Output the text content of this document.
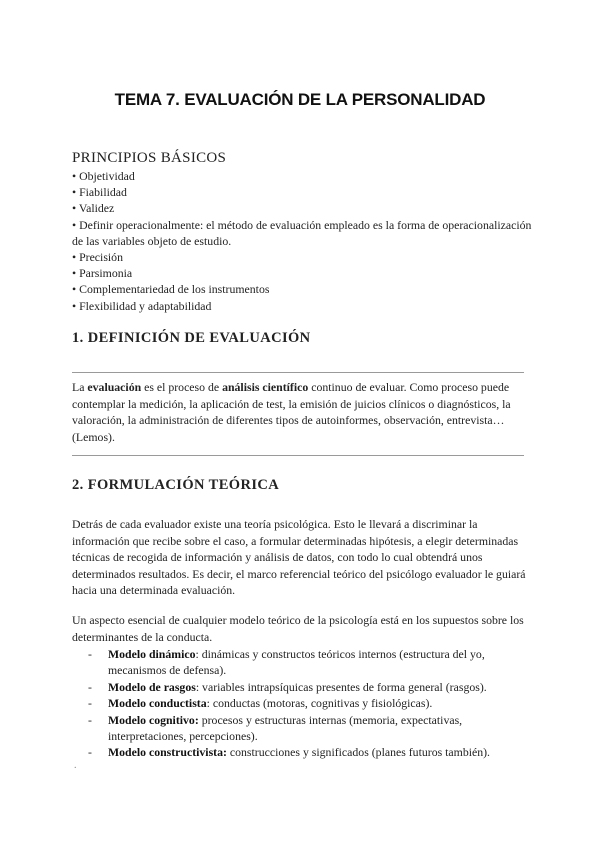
TEMA 7. EVALUACIÓN DE LA PERSONALIDAD
PRINCIPIOS BÁSICOS
• Objetividad
• Fiabilidad
• Validez
• Definir operacionalmente: el método de evaluación empleado es la forma de operacionalización de las variables objeto de estudio.
• Precisión
• Parsimonia
• Complementariedad de los instrumentos
• Flexibilidad y adaptabilidad
1. DEFINICIÓN DE EVALUACIÓN
La evaluación es el proceso de análisis científico continuo de evaluar. Como proceso puede contemplar la medición, la aplicación de test, la emisión de juicios clínicos o diagnósticos, la valoración, la administración de diferentes tipos de autoinformes, observación, entrevista…(Lemos).
2. FORMULACIÓN TEÓRICA
Detrás de cada evaluador existe una teoría psicológica. Esto le llevará a discriminar la información que recibe sobre el caso, a formular determinadas hipótesis, a elegir determinadas técnicas de recogida de información y análisis de datos, con todo lo cual obtendrá unos determinados resultados. Es decir, el marco referencial teórico del psicólogo evaluador le guiará hacia una determinada evaluación.
Un aspecto esencial de cualquier modelo teórico de la psicología está en los supuestos sobre los determinantes de la conducta.
- Modelo dinámico: dinámicas y constructos teóricos internos (estructura del yo, mecanismos de defensa).
- Modelo de rasgos: variables intrapsíquicas presentes de forma general (rasgos).
- Modelo conductista: conductas (motoras, cognitivas y fisiológicas).
- Modelo cognitivo: procesos y estructuras internas (memoria, expectativas, interpretaciones, percepciones).
- Modelo constructivista: construcciones y significados (planes futuros también).
.
